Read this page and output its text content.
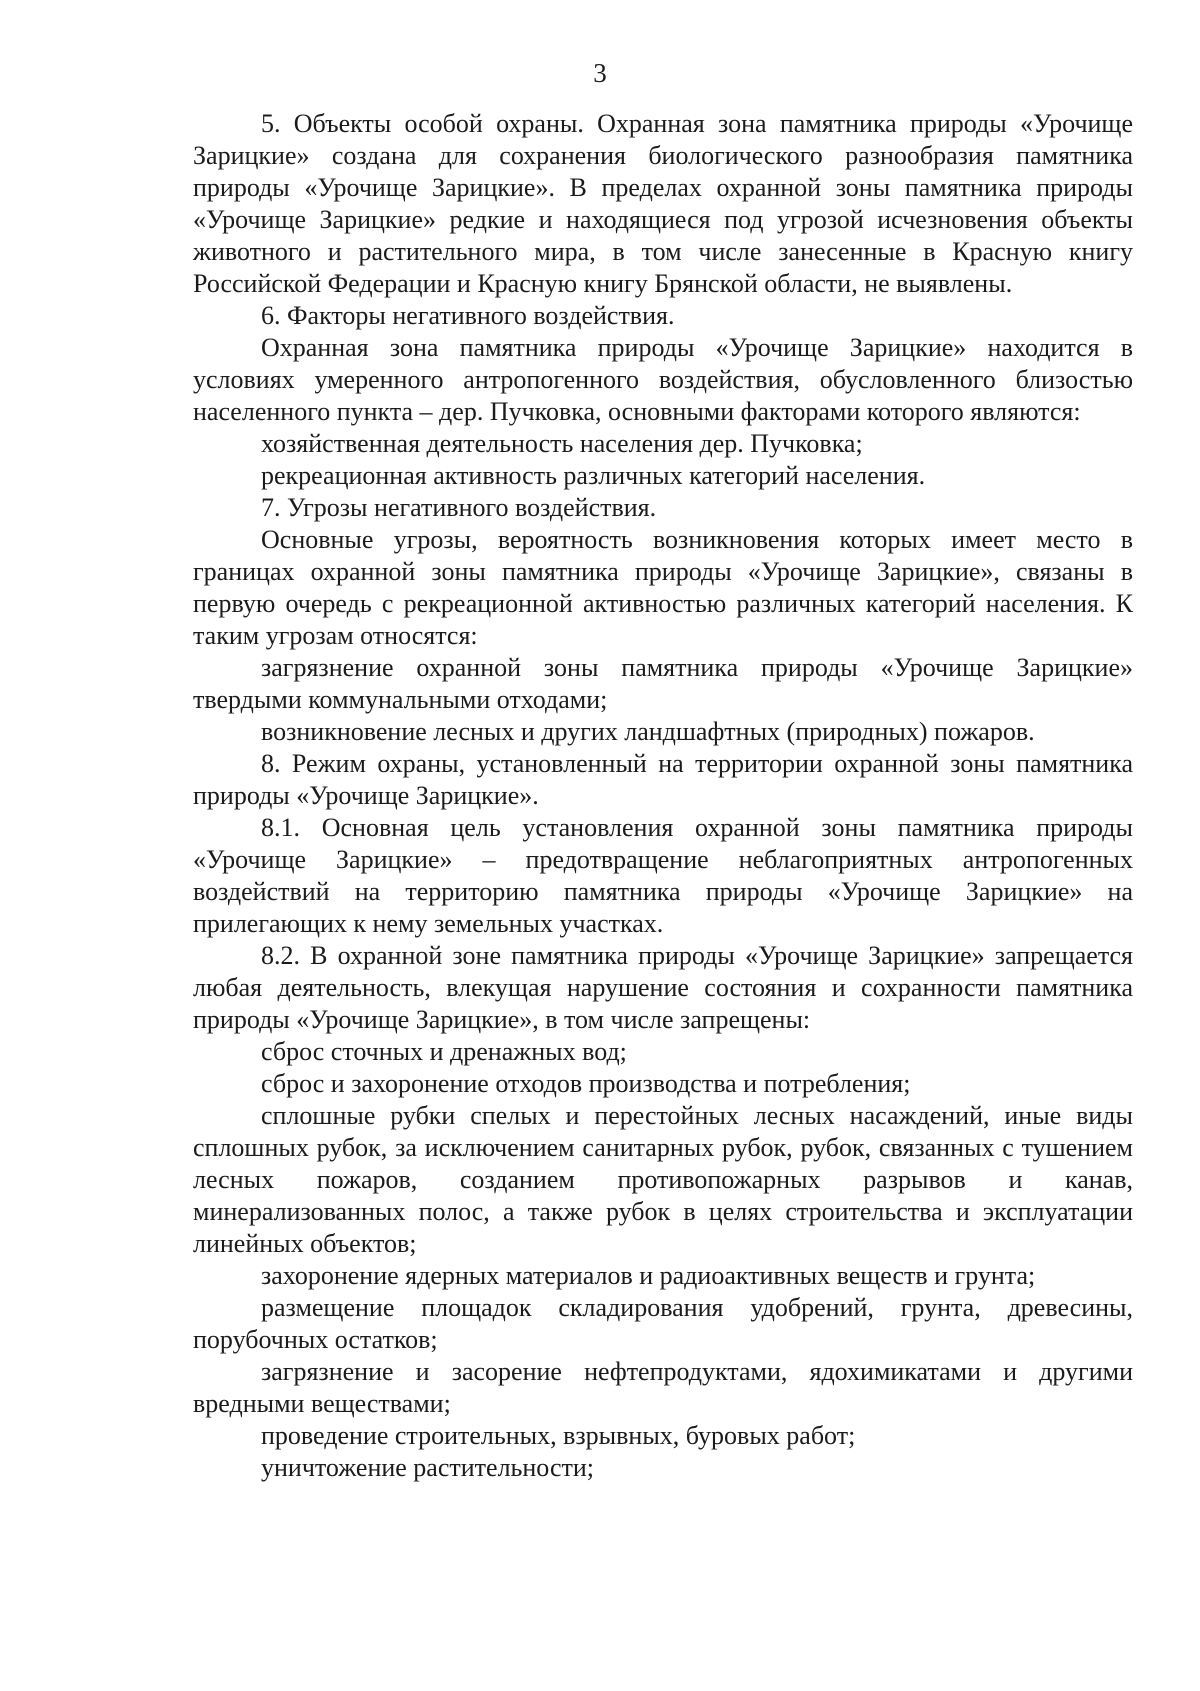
3

5. Объекты особой охраны. Охранная зона памятника природы «Урочище Зарицкие» создана для сохранения биологического разнообразия памятника природы «Урочище Зарицкие». В пределах охранной зоны памятника природы «Урочище Зарицкие» редкие и находящиеся под угрозой исчезновения объекты животного и растительного мира, в том числе занесенные в Красную книгу Российской Федерации и Красную книгу Брянской области, не выявлены.

6. Факторы негативного воздействия.

Охранная зона памятника природы «Урочище Зарицкие» находится в условиях умеренного антропогенного воздействия, обусловленного близостью населенного пункта – дер. Пучковка, основными факторами которого являются:

хозяйственная деятельность населения дер. Пучковка;

рекреационная активность различных категорий населения.

7. Угрозы негативного воздействия.

Основные угрозы, вероятность возникновения которых имеет место в границах охранной зоны памятника природы «Урочище Зарицкие», связаны в первую очередь с рекреационной активностью различных категорий населения. К таким угрозам относятся:

загрязнение охранной зоны памятника природы «Урочище Зарицкие» твердыми коммунальными отходами;

возникновение лесных и других ландшафтных (природных) пожаров.

8. Режим охраны, установленный на территории охранной зоны памятника природы «Урочище Зарицкие».

8.1. Основная цель установления охранной зоны памятника природы «Урочище Зарицкие» – предотвращение неблагоприятных антропогенных воздействий на территорию памятника природы «Урочище Зарицкие» на прилегающих к нему земельных участках.

8.2. В охранной зоне памятника природы «Урочище Зарицкие» запрещается любая деятельность, влекущая нарушение состояния и сохранности памятника природы «Урочище Зарицкие», в том числе запрещены:

сброс сточных и дренажных вод;

сброс и захоронение отходов производства и потребления;

сплошные рубки спелых и перестойных лесных насаждений, иные виды сплошных рубок, за исключением санитарных рубок, рубок, связанных с тушением лесных пожаров, созданием противопожарных разрывов и канав, минерализованных полос, а также рубок в целях строительства и эксплуатации линейных объектов;

захоронение ядерных материалов и радиоактивных веществ и грунта;

размещение площадок складирования удобрений, грунта, древесины, порубочных остатков;

загрязнение и засорение нефтепродуктами, ядохимикатами и другими вредными веществами;

проведение строительных, взрывных, буровых работ;

уничтожение растительности;
